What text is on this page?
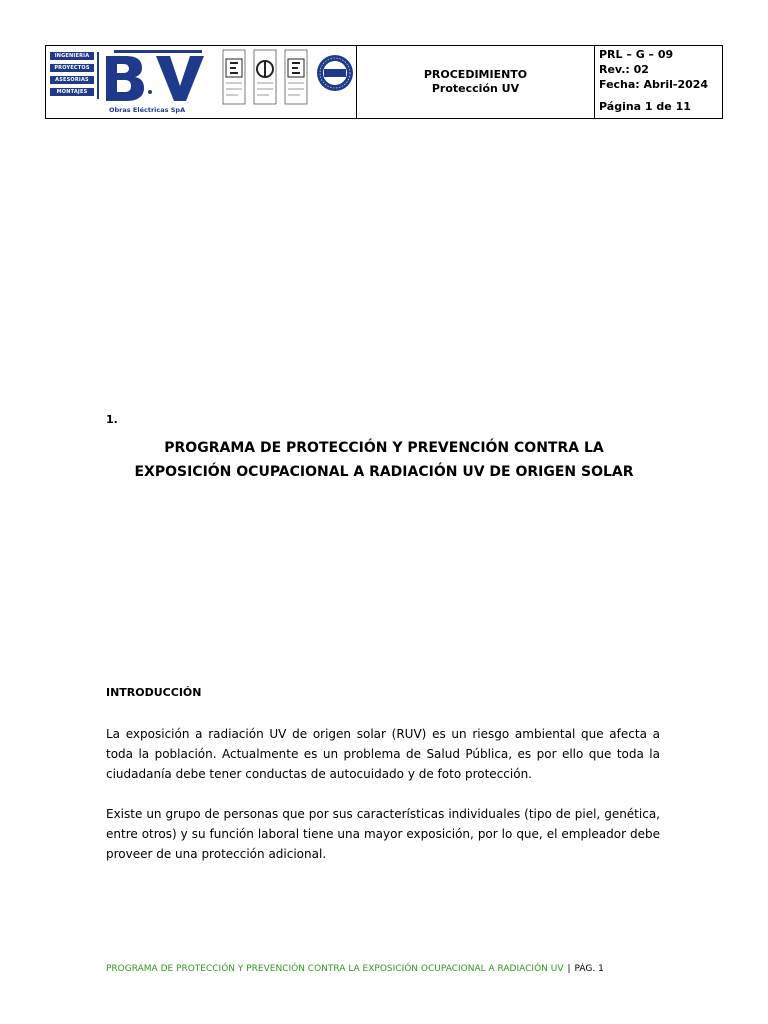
INGENIERIA
PROYECTOS
ASESORIAS
MONTAJES
Obras Eléctricas SpA
PROCEDIMIENTO
Protección UV
PRL – G – 09
Rev.: 02
Fecha: Abril-2024
Página 1 de 11
1.
PROGRAMA DE PROTECCIÓN Y PREVENCIÓN CONTRA LA
EXPOSICIÓN OCUPACIONAL A RADIACIÓN UV DE ORIGEN SOLAR
INTRODUCCIÓN
La exposición a radiación UV de origen solar (RUV) es un riesgo ambiental que afecta a toda la población. Actualmente es un problema de Salud Pública, es por ello que toda la ciudadanía debe tener conductas de autocuidado y de foto protección.
Existe un grupo de personas que por sus características individuales (tipo de piel, genética, entre otros) y su función laboral tiene una mayor exposición, por lo que, el empleador debe proveer de una protección adicional.
PROGRAMA DE PROTECCIÓN Y PREVENCIÓN CONTRA LA EXPOSICIÓN OCUPACIONAL A RADIACIÓN UV | PÁG. 1
